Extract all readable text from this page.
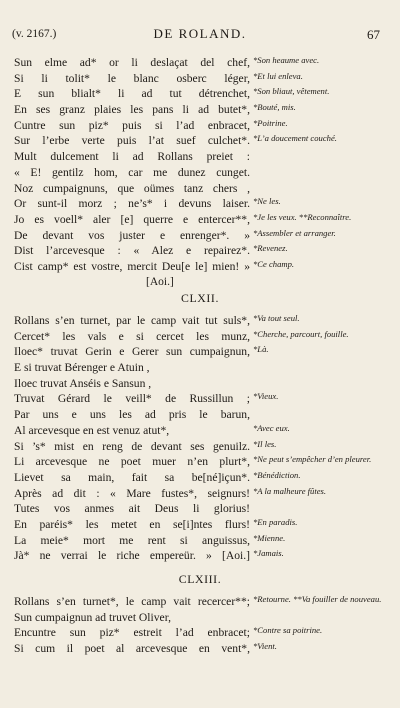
(v. 2167.)	DE ROLAND.	67
Sun elme ad* or li deslaçat del chef, *Son heaume avec.
Si li tolit* le blanc osberc léger, *Et lui enleva.
E sun blialt* li ad tut détrenchet, *Son bliaut, vêtement.
En ses granz plaies les pans li ad butet*, *Bouté, mis.
Cuntre sun piz* puis si l’ad enbracet, *Poitrine.
Sur l’erbe verte puis l’at suef culchet*. *L’a doucement couché.
Mult dulcement li ad Rollans preiet :
« E! gentilz hom, car me dunez cunget.
Noz cumpaignuns, que oümes tanz chers ,
Or sunt-il morz ; ne’s* i devuns laiser. *Ne les.
Jo es voell* aler [e] querre e entercer**, *Je les veux. **Reconnaître.
De devant vos juster e enrenger*. » *Assembler et arranger.
Dist l’arcevesque : « Alez e repairez*. *Revenez.
Cist camp* est vostre, mercit Deu[e le] mien! » *Ce champ.
[Aoi.]
CLXII.
Rollans s’en turnet, par le camp vait tut suls*, *Va tout seul.
Cercet* les vals e si cercet les munz, *Cherche, parcourt, fouille.
Iloec* truvat Gerin e Gerer sun cumpaignun, *Là.
E si truvat Bérenger e Atuin ,
Iloec truvat Anséis e Sansun ,
Truvat Gérard le veill* de Russillun ; *Vieux.
Par uns e uns les ad pris le barun,
Al arcevesque en est venuz atut*,	*Avec eux.
Si ’s* mist en reng de devant ses genuilz. *Il les.
Li arcevesque ne poet muer n’en plurt*, *Ne peut s’empêcher d’en pleurer.
Lievet sa main, fait sa be[né]içun*. *Bénédiction.
Après ad dit : « Mare fustes*, seignurs! *A la malheure fûtes.
Tutes vos anmes ait Deus li glorius!
En paréis* les metet en se[i]ntes flurs! *En paradis.
La meie* mort me rent si anguissus, *Mienne.
Jà* ne verrai le riche empereür. » [Aoi.] *Jamais.
CLXIII.
Rollans s’en turnet*, le camp vait recercer**; *Retourne. **Va fouiller de nouveau.
Sun cumpaignun ad truvet Oliver,
Encuntre sun piz* estreit l’ad enbracet; *Contre sa poitrine.
Si cum il poet al arcevesque en vent*, *Vient.
